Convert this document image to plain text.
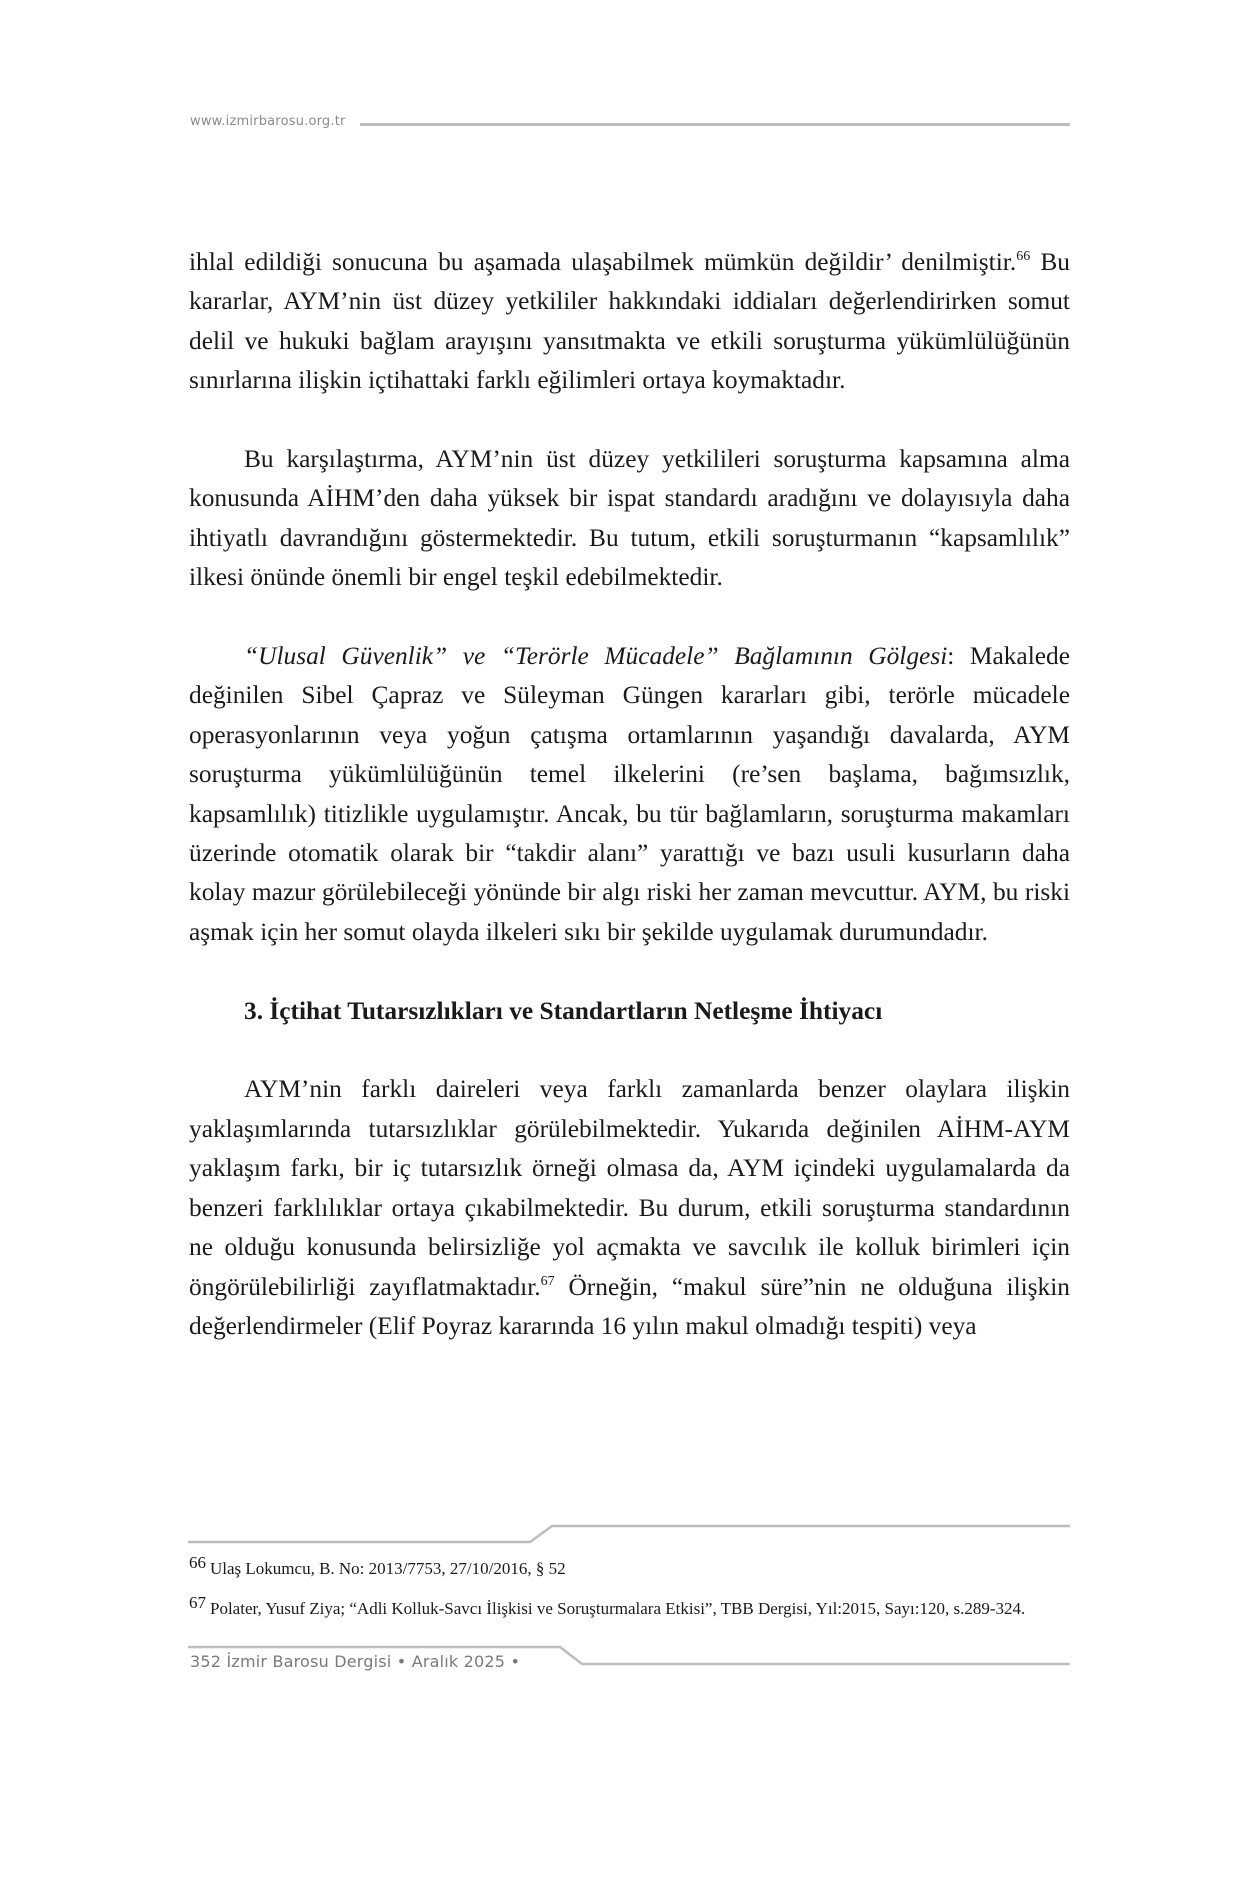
www.izmirbarosu.org.tr

ihlal edildiği sonucuna bu aşamada ulaşabilmek mümkün değildir’ denilmiştir.$^{66}$ Bu kararlar, AYM’nin üst düzey yetkililer hakkındaki iddiaları değerlendirirken somut delil ve hukuki bağlam arayışını yansıtmakta ve etkili soruşturma yükümlülüğünün sınırlarına ilişkin içtihattaki farklı eğilimleri ortaya koymaktadır.

Bu karşılaştırma, AYM’nin üst düzey yetkilileri soruşturma kapsamına alma konusunda AİHM’den daha yüksek bir ispat standardı aradığını ve dolayısıyla daha ihtiyatlı davrandığını göstermektedir. Bu tutum, etkili soruşturmanın “kapsamlılık” ilkesi önünde önemli bir engel teşkil edebilmektedir.

“Ulusal Güvenlik” ve “Terörle Mücadele” Bağlamının Gölgesi: Makalede değinilen Sibel Çapraz ve Süleyman Güngen kararları gibi, terörle mücadele operasyonlarının veya yoğun çatışma ortamlarının yaşandığı davalarda, AYM soruşturma yükümlülüğünün temel ilkelerini (re’sen başlama, bağımsızlık, kapsamlılık) titizlikle uygulamıştır. Ancak, bu tür bağlamların, soruşturma makamları üzerinde otomatik olarak bir “takdir alanı” yarattığı ve bazı usuli kusurların daha kolay mazur görülebileceği yönünde bir algı riski her zaman mevcuttur. AYM, bu riski aşmak için her somut olayda ilkeleri sıkı bir şekilde uygulamak durumundadır.

3. İçtihat Tutarsızlıkları ve Standartların Netleşme İhtiyacı

AYM’nin farklı daireleri veya farklı zamanlarda benzer olaylara ilişkin yaklaşımlarında tutarsızlıklar görülebilmektedir. Yukarıda değinilen AİHM-AYM yaklaşım farkı, bir iç tutarsızlık örneği olmasa da, AYM içindeki uygulamalarda da benzeri farklılıklar ortaya çıkabilmektedir. Bu durum, etkili soruşturma standardının ne olduğu konusunda belirsizliğe yol açmakta ve savcılık ile kolluk birimleri için öngörülebilirliği zayıflatmaktadır.$^{67}$ Örneğin, “makul süre”nin ne olduğuna ilişkin değerlendirmeler (Elif Poyraz kararında 16 yılın makul olmadığı tespiti) veya

66 Ulaş Lokumcu, B. No: 2013/7753, 27/10/2016, § 52

67 Polater, Yusuf Ziya; “Adli Kolluk-Savcı İlişkisi ve Soruşturmalara Etkisi”, TBB Dergisi, Yıl:2015, Sayı:120, s.289-324.

352 İzmir Barosu Dergisi • Aralık 2025 •
